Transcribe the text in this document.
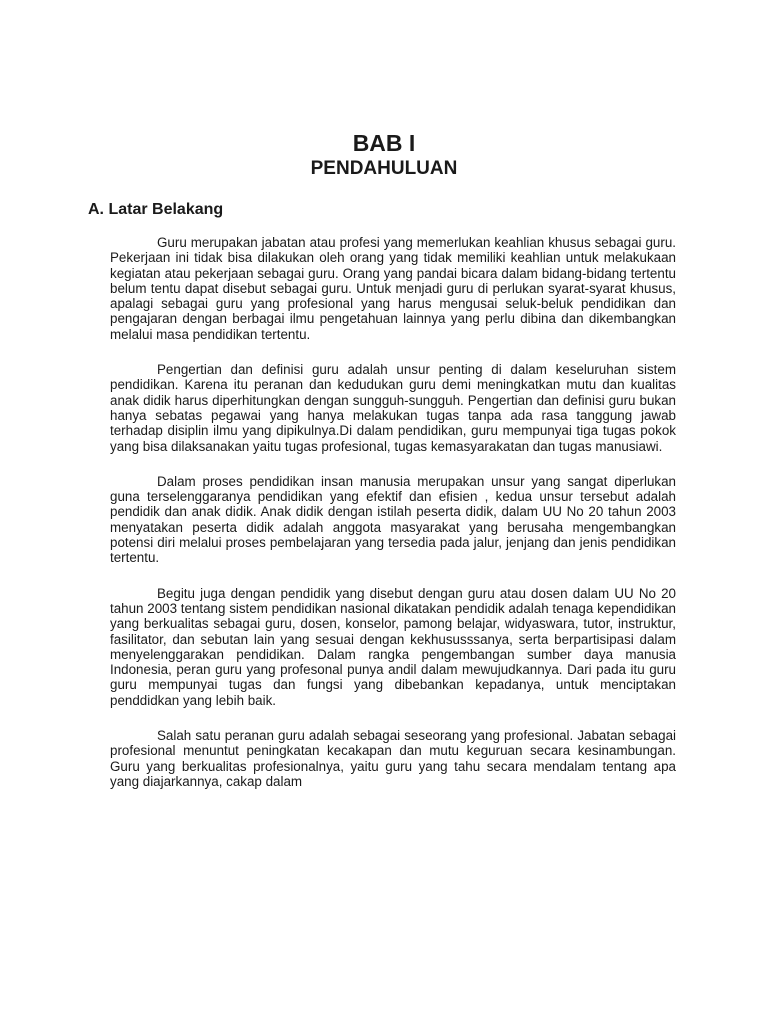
BAB I
PENDAHULUAN
A. Latar Belakang

Guru merupakan jabatan atau profesi yang memerlukan keahlian khusus sebagai guru. Pekerjaan ini tidak bisa dilakukan oleh orang yang tidak memiliki keahlian untuk melakukaan kegiatan atau pekerjaan sebagai guru. Orang yang pandai bicara dalam bidang-bidang tertentu belum tentu dapat disebut sebagai guru. Untuk menjadi guru di perlukan syarat-syarat khusus, apalagi sebagai guru yang profesional yang harus mengusai seluk-beluk pendidikan dan pengajaran dengan berbagai ilmu pengetahuan lainnya yang perlu dibina dan dikembangkan melalui masa pendidikan tertentu.

Pengertian dan definisi guru adalah unsur penting di dalam keseluruhan sistem pendidikan. Karena itu peranan dan kedudukan guru demi meningkatkan mutu dan kualitas anak didik harus diperhitungkan dengan sungguh-sungguh. Pengertian dan definisi guru bukan hanya sebatas pegawai yang hanya melakukan tugas tanpa ada rasa tanggung jawab terhadap disiplin ilmu yang dipikulnya.Di dalam pendidikan, guru mempunyai tiga tugas pokok yang bisa dilaksanakan yaitu tugas profesional, tugas kemasyarakatan dan tugas manusiawi.

Dalam proses pendidikan insan manusia merupakan unsur yang sangat diperlukan guna terselenggaranya pendidikan yang efektif dan efisien , kedua unsur tersebut adalah pendidik dan anak didik. Anak didik dengan istilah peserta didik, dalam UU No 20 tahun 2003 menyatakan peserta didik adalah anggota masyarakat yang berusaha mengembangkan potensi diri melalui proses pembelajaran yang tersedia pada jalur, jenjang dan jenis pendidikan tertentu.

Begitu juga dengan pendidik yang disebut dengan guru atau dosen dalam UU No 20 tahun 2003 tentang sistem pendidikan nasional dikatakan pendidik adalah tenaga kependidikan yang berkualitas sebagai guru, dosen, konselor, pamong belajar, widyaswara, tutor, instruktur, fasilitator, dan sebutan lain yang sesuai dengan kekhususssanya, serta berpartisipasi dalam menyelenggarakan pendidikan. Dalam rangka pengembangan sumber daya manusia Indonesia, peran guru yang profesonal punya andil dalam mewujudkannya. Dari pada itu guru guru mempunyai tugas dan fungsi yang dibebankan kepadanya, untuk menciptakan penddidkan yang lebih baik.

Salah satu peranan guru adalah sebagai seseorang yang profesional. Jabatan sebagai profesional menuntut peningkatan kecakapan dan mutu keguruan secara kesinambungan. Guru yang berkualitas profesionalnya, yaitu guru yang tahu secara mendalam tentang apa yang diajarkannya, cakap dalam
